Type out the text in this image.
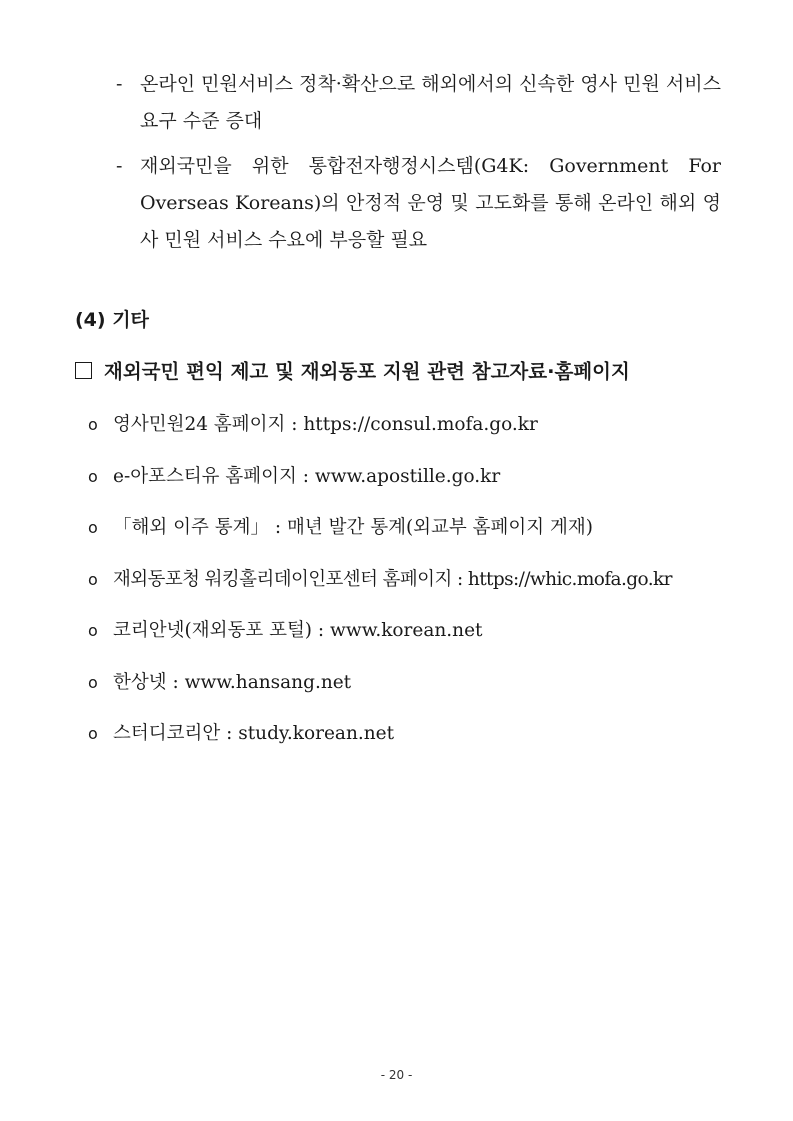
- 온라인 민원서비스 정착·확산으로 해외에서의 신속한 영사 민원 서비스 요구 수준 증대
- 재외국민을 위한 통합전자행정시스템(G4K: Government For Overseas Koreans)의 안정적 운영 및 고도화를 통해 온라인 해외 영사 민원 서비스 수요에 부응할 필요
(4) 기타
재외국민 편익 제고 및 재외동포 지원 관련 참고자료·홈페이지
o 영사민원24 홈페이지 : https://consul.mofa.go.kr
o e-아포스티유 홈페이지 : www.apostille.go.kr
o 「해외 이주 통계」 : 매년 발간 통계(외교부 홈페이지 게재)
o 재외동포청 워킹홀리데이인포센터 홈페이지 : https://whic.mofa.go.kr
o 코리안넷(재외동포 포털) : www.korean.net
o 한상넷 : www.hansang.net
o 스터디코리안 : study.korean.net
- 20 -
